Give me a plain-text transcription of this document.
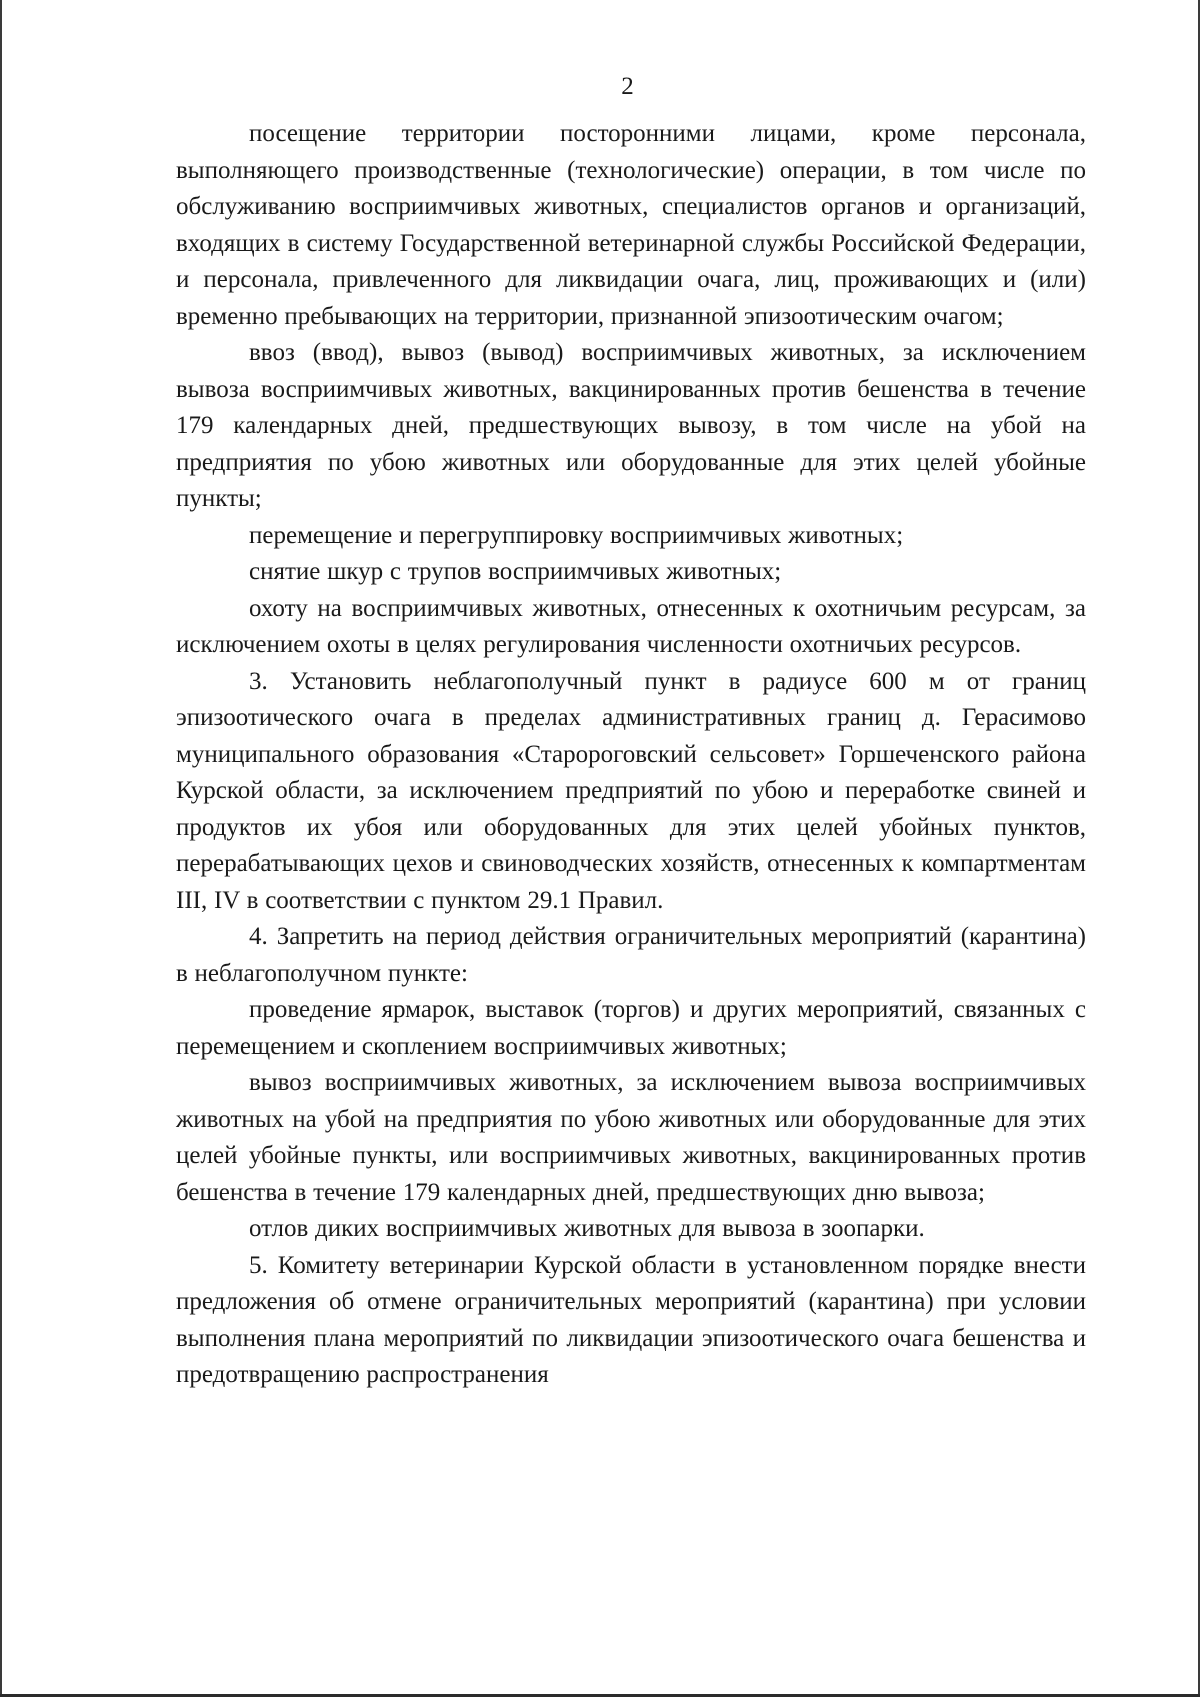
2

посещение территории посторонними лицами, кроме персонала, выполняющего производственные (технологические) операции, в том числе по обслуживанию восприимчивых животных, специалистов органов и организаций, входящих в систему Государственной ветеринарной службы Российской Федерации, и персонала, привлеченного для ликвидации очага, лиц, проживающих и (или) временно пребывающих на территории, признанной эпизоотическим очагом;

ввоз (ввод), вывоз (вывод) восприимчивых животных, за исключением вывоза восприимчивых животных, вакцинированных против бешенства в течение 179 календарных дней, предшествующих вывозу, в том числе на убой на предприятия по убою животных или оборудованные для этих целей убойные пункты;

перемещение и перегруппировку восприимчивых животных;

снятие шкур с трупов восприимчивых животных;

охоту на восприимчивых животных, отнесенных к охотничьим ресурсам, за исключением охоты в целях регулирования численности охотничьих ресурсов.

3. Установить неблагополучный пункт в радиусе 600 м от границ эпизоотического очага в пределах административных границ д. Герасимово муниципального образования «Старороговский сельсовет» Горшеченского района Курской области, за исключением предприятий по убою и переработке свиней и продуктов их убоя или оборудованных для этих целей убойных пунктов, перерабатывающих цехов и свиноводческих хозяйств, отнесенных к компартментам III, IV в соответствии с пунктом 29.1 Правил.

4. Запретить на период действия ограничительных мероприятий (карантина) в неблагополучном пункте:

проведение ярмарок, выставок (торгов) и других мероприятий, связанных с перемещением и скоплением восприимчивых животных;

вывоз восприимчивых животных, за исключением вывоза восприимчивых животных на убой на предприятия по убою животных или оборудованные для этих целей убойные пункты, или восприимчивых животных, вакцинированных против бешенства в течение 179 календарных дней, предшествующих дню вывоза;

отлов диких восприимчивых животных для вывоза в зоопарки.

5. Комитету ветеринарии Курской области в установленном порядке внести предложения об отмене ограничительных мероприятий (карантина) при условии выполнения плана мероприятий по ликвидации эпизоотического очага бешенства и предотвращению распространения
